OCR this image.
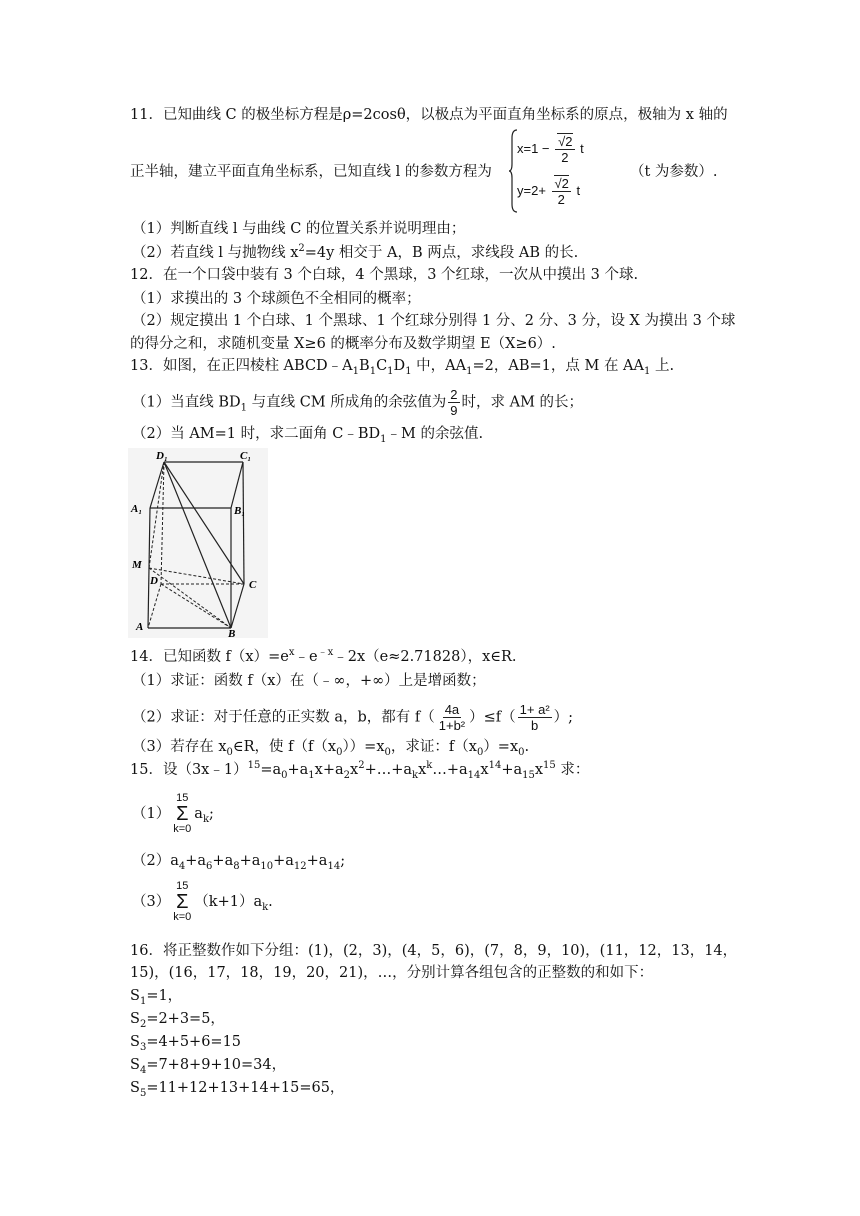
11．已知曲线 C 的极坐标方程是ρ=2cosθ，以极点为平面直角坐标系的原点，极轴为 x 轴的
正半轴，建立平面直角坐标系，已知直线 l 的参数方程为
$x=1 - \frac{√2}{2}$ t
$y=2+ \frac{√2}{2}$ t
（t 为参数）.
（1）判断直线 l 与曲线 C 的位置关系并说明理由；
（2）若直线 l 与抛物线 $x^2=4y$ 相交于 A，B 两点，求线段 AB 的长.
12．在一个口袋中装有 3 个白球，4 个黑球，3 个红球，一次从中摸出 3 个球.
（1）求摸出的 3 个球颜色不全相同的概率；
（2）规定摸出 1 个白球、1 个黑球、1 个红球分别得 1 分、2 分、3 分，设 X 为摸出 3 个球
的得分之和，求随机变量 X≥6 的概率分布及数学期望 E（X≥6）.
13．如图，在正四棱柱 $ABCD﹣A_1B_1C_1D_1$ 中，$AA_1=2$，AB=1，点 M 在 $AA_1$ 上.
（1）当直线 $BD_1$ 与直线 CM 所成角的余弦值为 $\frac{2}{9}$ 时，求 AM 的长；
（2）当 AM=1 时，求二面角 $C﹣BD_1﹣M$ 的余弦值.
D₁	C₁
A₁	B₁
M
D	C
A
B
14．已知函数 $f(x)=e^x﹣e^{﹣x}﹣2x(e\approx 2.71828)$，x∈R.
（1）求证：函数 f（x）在（﹣∞，+∞）上是增函数；
（2）求证：对于任意的正实数 a，b，都有 $f( \frac{4a}{\text{1+b²}} )\le f( \frac{\text{1+ a²}}{b}$ ）;
（3）若存在 $x_0\in R$，使 $f(f(x_0))=x_0$，求证：$f(x_0)=x_0$.
15．设$(3x﹣1)^{15}=a_0+a_1x+a_2x^2+\dots+a_kx^k\dots+a_{14}x^{14}+a_{15}x^{15}$ 求：
（1）
15
Σ
k=0
$a_k$;
$(2)a_4+a_6+a_8+a_{10}+a_{12}+a_{14}$;
（3）
15
Σ
k=0
$(k+1)a_k$.
16．将正整数作如下分组：(1)，(2，3)，(4，5，6)，(7，8，9，10)，(11，12，13，14，
15)，(16，17，18，19，20，21)，…，分别计算各组包含的正整数的和如下：
$S_1=1$，
$S_2=2+3=5$，
$S_3=4+5+6=15$
$S_4=7+8+9+10=34$，
$S_5=11+12+13+14+15=65$，
